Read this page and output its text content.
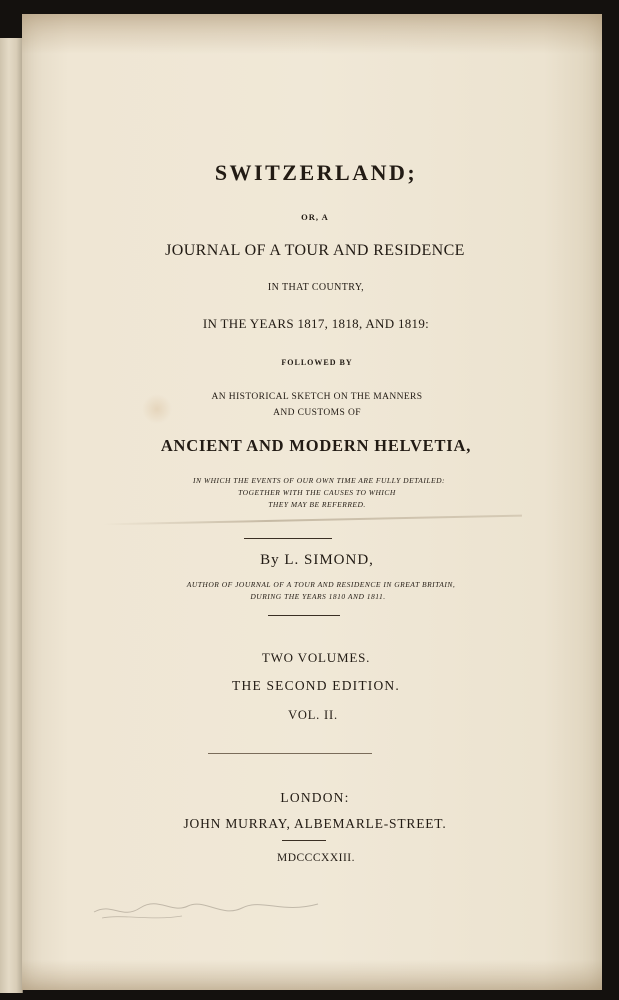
SWITZERLAND;

OR, A

JOURNAL OF A TOUR AND RESIDENCE

IN THAT COUNTRY,

IN THE YEARS 1817, 1818, AND 1819:

FOLLOWED BY

AN HISTORICAL SKETCH ON THE MANNERS

AND CUSTOMS OF

ANCIENT AND MODERN HELVETIA,

IN WHICH THE EVENTS OF OUR OWN TIME ARE FULLY DETAILED:

TOGETHER WITH THE CAUSES TO WHICH

THEY MAY BE REFERRED.

By L. SIMOND,

AUTHOR OF JOURNAL OF A TOUR AND RESIDENCE IN GREAT BRITAIN,

DURING THE YEARS 1810 AND 1811.

TWO VOLUMES.

THE SECOND EDITION.

VOL. II.

LONDON:

JOHN MURRAY, ALBEMARLE-STREET.

MDCCCXXIII.
